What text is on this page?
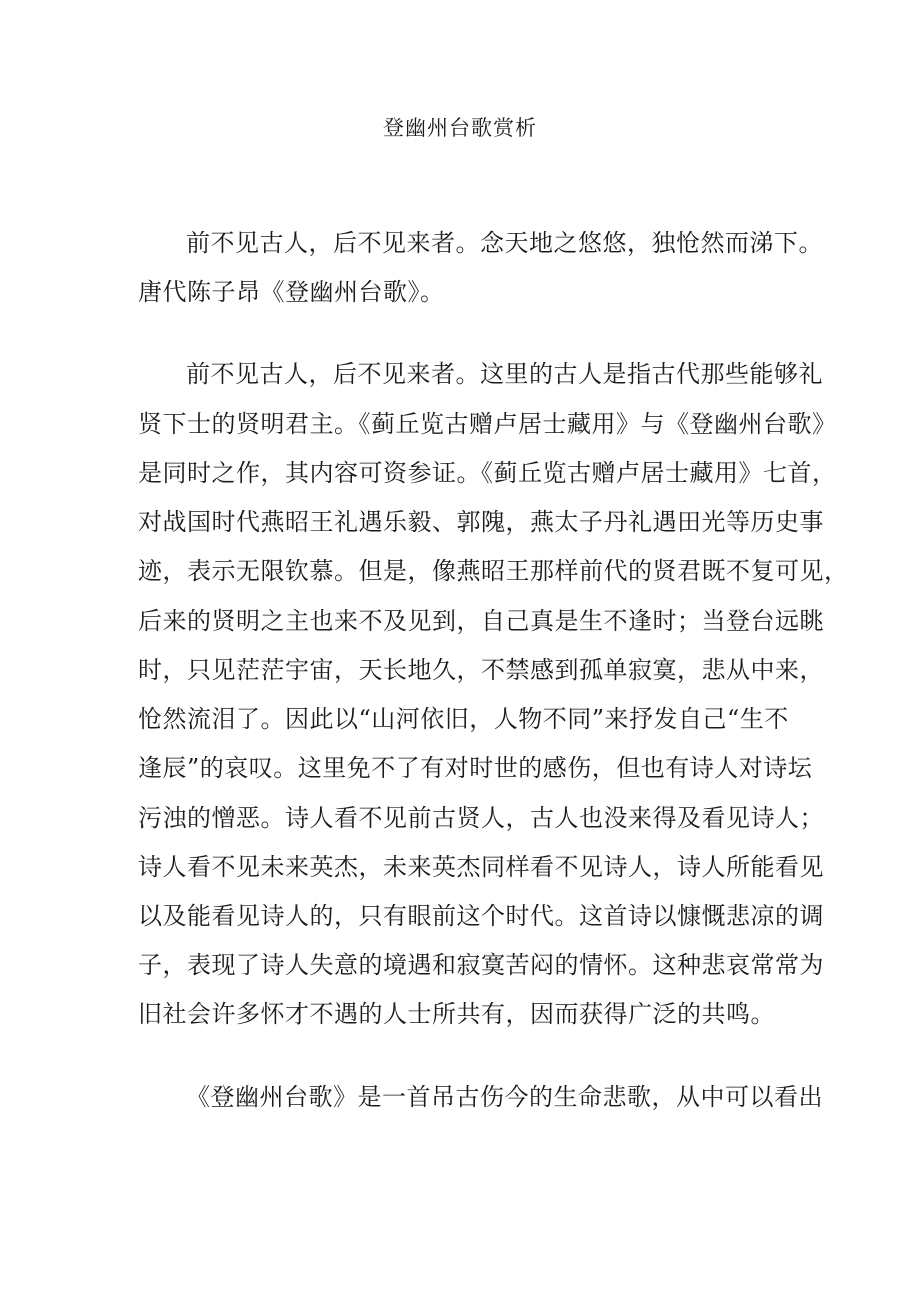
登幽州台歌赏析

前不见古人，后不见来者。念天地之悠悠，独怆然而涕下。

唐代陈子昂《登幽州台歌》。

前不见古人，后不见来者。这里的古人是指古代那些能够礼

贤下士的贤明君主。《蓟丘览古赠卢居士藏用》与《登幽州台歌》

是同时之作，其内容可资参证。《蓟丘览古赠卢居士藏用》七首，

对战国时代燕昭王礼遇乐毅、郭隗，燕太子丹礼遇田光等历史事

迹，表示无限钦慕。但是，像燕昭王那样前代的贤君既不复可见，

后来的贤明之主也来不及见到，自己真是生不逢时；当登台远眺

时，只见茫茫宇宙，天长地久，不禁感到孤单寂寞，悲从中来，

怆然流泪了。因此以“山河依旧，人物不同”来抒发自己“生不

逢辰”的哀叹。这里免不了有对时世的感伤，但也有诗人对诗坛

污浊的憎恶。诗人看不见前古贤人，古人也没来得及看见诗人；

诗人看不见未来英杰，未来英杰同样看不见诗人，诗人所能看见

以及能看见诗人的，只有眼前这个时代。这首诗以慷慨悲凉的调

子，表现了诗人失意的境遇和寂寞苦闷的情怀。这种悲哀常常为

旧社会许多怀才不遇的人士所共有，因而获得广泛的共鸣。

《登幽州台歌》是一首吊古伤今的生命悲歌，从中可以看出
